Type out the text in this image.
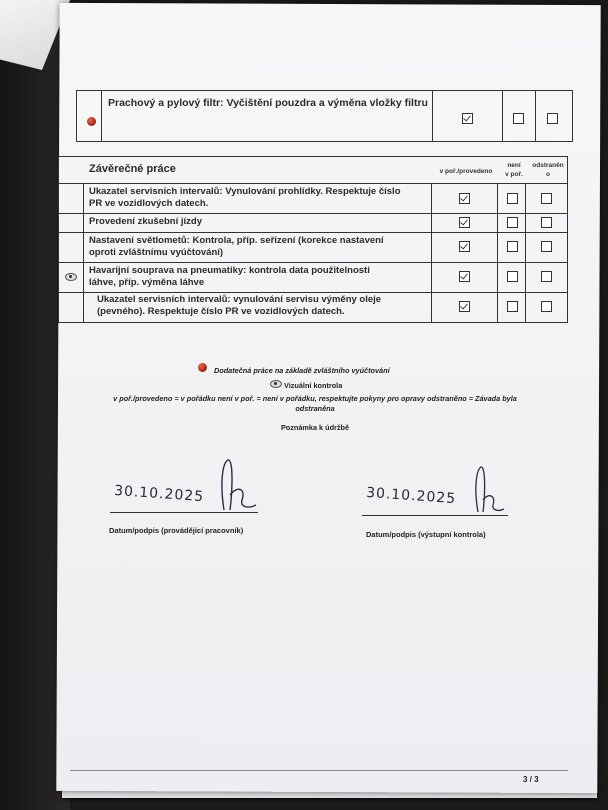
Prachový a pylový filtr: Vyčištění pouzdra a výměna vložky filtru
Závěrečné práce	v poř./provedeno
není
v poř.
odstraněn
o
Ukazatel servisních intervalů: Vynulování prohlídky. Respektuje číslo
PR ve vozidlových datech.
Provedení zkušební jízdy
Nastavení světlometů: Kontrola, příp. seřízení (korekce nastavení
oproti zvláštnímu vyúčtování)
Havarijní souprava na pneumatiky: kontrola data použitelnosti
láhve, příp. výměna láhve
Ukazatel servisních intervalů: vynulování servisu výměny oleje
(pevného). Respektuje číslo PR ve vozidlových datech.
Dodatečná práce na základě zvláštního vyúčtování
Vizuální kontrola
v poř./provedeno = v pořádku není v poř. = není v pořádku, respektujte pokyny pro opravy odstraněno = Závada byla
odstraněna
Poznámka k údržbě
30.10.2025
Datum/podpis (provádějící pracovník)
30.10.2025
Datum/podpis (výstupní kontrola)
3 / 3
